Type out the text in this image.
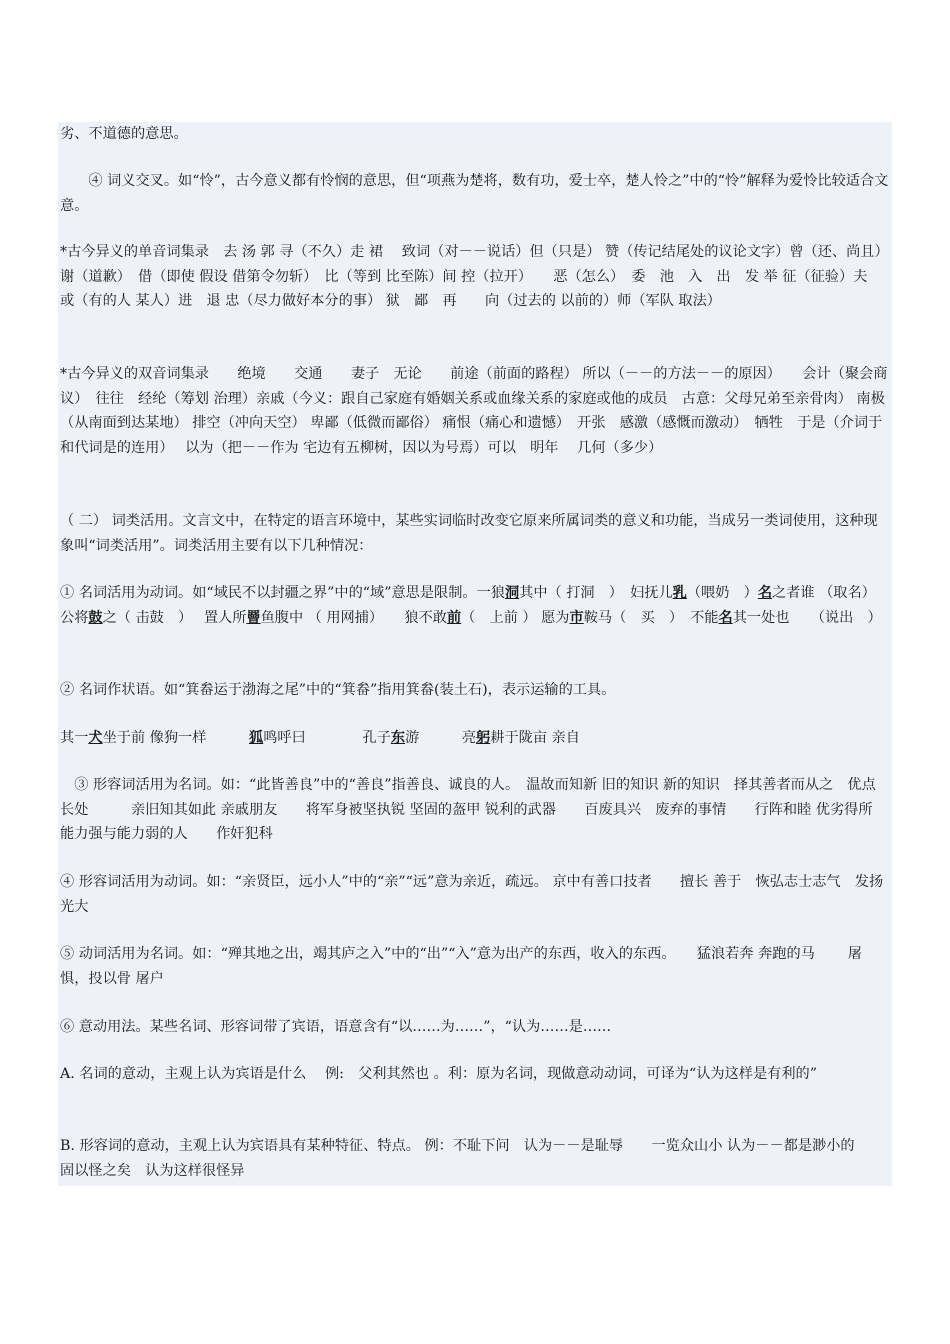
劣、不道德的意思。

　　④ 词义交叉。如“怜”，古今意义都有怜悯的意思，但“项燕为楚将，数有功，爱士卒，楚人怜之”中的“怜”解释为爱怜比较适合文意。

*古今异义的单音词集录　去 汤 郭 寻（不久）走 裙　 致词（对－－说话）但（只是） 赞（传记结尾处的议论文字）曾（还、尚且）谢（道歉）　借（即使 假设 借第令勿斩）　比（等到 比至陈）间 控（拉开）　　恶（怎么）　委　池　入　出　发 举 征（征验）夫　或（有的人 某人）进　退 忠（尽力做好本分的事） 狱　鄙　再　　向（过去的 以前的）师（军队 取法）

*古今异义的双音词集录　　绝境　　交通　　妻子　无论　　前途（前面的路程） 所以（－－的方法－－的原因）　　会计（聚会商议）　往往　经纶（筹划 治理）亲戚（今义：跟自己家庭有婚姻关系或血缘关系的家庭或他的成员　古意：父母兄弟至亲骨肉） 南极（从南面到达某地） 排空（冲向天空） 卑鄙（低微而鄙俗） 痛恨（痛心和遗憾）　开张　感激（感慨而激动）　牺牲　于是（介词于和代词是的连用）　 以为（把－－作为 宅边有五柳树，因以为号焉）可以　明年　 几何（多少）

（ 二） 词类活用。文言文中，在特定的语言环境中，某些实词临时改变它原来所属词类的意义和功能，当成另一类词使用，这种现象叫“词类活用”。词类活用主要有以下几种情况：

① 名词活用为动词。如“域民不以封疆之界”中的“域”意思是限制。一狼洞其中（ 打洞　）　妇抚儿乳（喂奶　）名之者谁 （取名）　　公将鼓之（ 击鼓　）　 置人所罾鱼腹中 （ 用网捕）　　狼不敢前（　上前 ） 愿为市鞍马（　买　）　不能名其一处也　　（说出　）

② 名词作状语。如“箕畚运于渤海之尾”中的“箕畚”指用箕畚(装土石)，表示运输的工具。

其一犬坐于前 像狗一样　　　狐鸣呼曰　　　　孔子东游　　　亮躬耕于陇亩 亲自

　③ 形容词活用为名词。如：“此皆善良”中的“善良”指善良、诚良的人。　温故而知新 旧的知识 新的知识　择其善者而从之　优点 长处　　　亲旧知其如此 亲戚朋友　　将军身被坚执锐 坚固的盔甲 锐利的武器　　百废具兴　废弃的事情　　行阵和睦 优劣得所　 能力强与能力弱的人　　作奸犯科

④ 形容词活用为动词。如：“亲贤臣，远小人”中的“亲”“远”意为亲近，疏远。 京中有善口技者　　擅长 善于　恢弘志士志气　发扬光大

⑤ 动词活用为名词。如：“殚其地之出，竭其庐之入”中的“出”“入”意为出产的东西，收入的东西。　　猛浪若奔 奔跑的马　　 屠惧，投以骨 屠户

⑥ 意动用法。某些名词、形容词带了宾语，语意含有“以……为……”，“认为……是……

A. 名词的意动，主观上认为宾语是什么　 例:　父利其然也 。利：原为名词，现做意动动词，可译为“认为这样是有利的”

B. 形容词的意动，主观上认为宾语具有某种特征、特点。 例：不耻下问　认为－－是耻辱　　一览众山小 认为－－都是渺小的　　　固以怪之矣　认为这样很怪异
